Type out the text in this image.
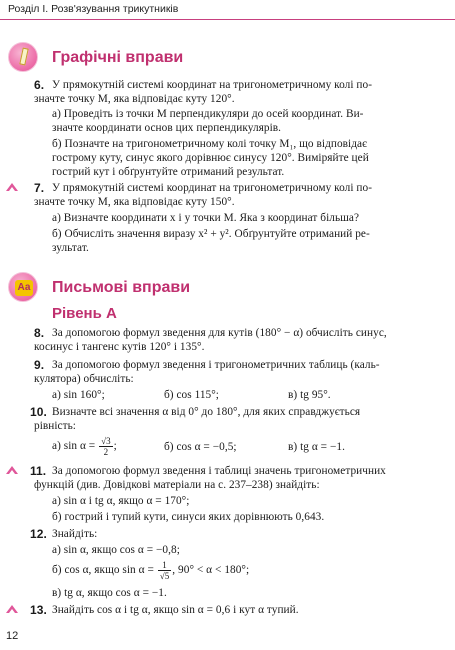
Розділ I. Розв'язування трикутників
Графічні вправи
6. У прямокутній системі координат на тригонометричному колі по-
значте точку M, яка відповідає куту 120°.
а) Проведіть із точки M перпендикуляри до осей координат. Ви-
значте координати основ цих перпендикулярів.
б) Позначте на тригонометричному колі точку M₁, що відповідає
гострому куту, синус якого дорівнює синусу 120°. Виміряйте цей
гострий кут і обґрунтуйте отриманий результат.
7. У прямокутній системі координат на тригонометричному колі по-
значте точку M, яка відповідає куту 150°.
а) Визначте координати x і y точки M. Яка з координат більша?
б) Обчисліть значення виразу x² + y². Обґрунтуйте отриманий ре-
зультат.
Аа Письмові вправи
Рівень А
8. За допомогою формул зведення для кутів (180° − α) обчисліть синус,
косинус і тангенс кутів 120° і 135°.
9. За допомогою формул зведення і тригонометричних таблиць (каль-
кулятора) обчисліть:
а) sin 160°;	б) cos 115°;	в) tg 95°.
10. Визначте всі значення α від 0° до 180°, для яких справджується
рівність:
а) $\sin \alpha = \frac{√3}{2}$ ;	б) cos α = −0,5;	в) tg α = −1.
11. За допомогою формул зведення і таблиці значень тригонометричних
функцій (див. Довідкові матеріали на с. 237–238) знайдіть:
а) sin α і tg α, якщо α = 170°;
б) гострий і тупий кути, синуси яких дорівнюють 0,643.
12. Знайдіть:
а) sin α, якщо cos α = −0,8;
б) cos α, якщо $\sin \alpha = \frac{1}{√5}$ , 90° < α < 180°;
в) tg α, якщо cos α = −1.
13. Знайдіть cos α і tg α, якщо sin α = 0,6 і кут α тупий.
12
